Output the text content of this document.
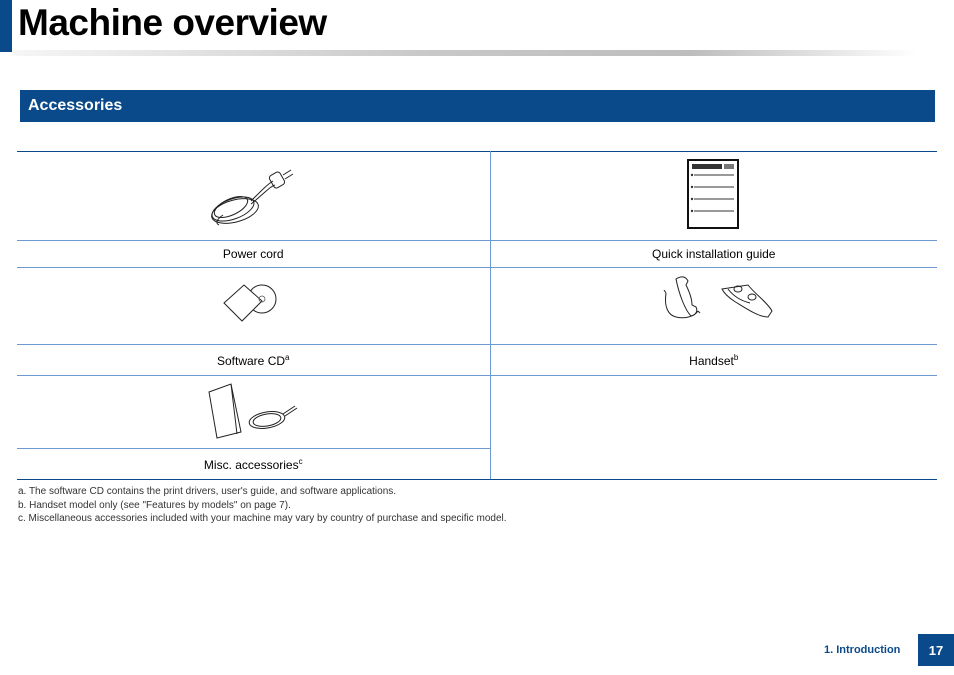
Machine overview
Accessories

Power cord	Quick installation guide

Software $CD^a$	Handset$^b$

Misc. accessories$^c$
a. The software CD contains the print drivers, user's guide, and software applications.
b. Handset model only (see "Features by models" on page 7).
c. Miscellaneous accessories included with your machine may vary by country of purchase and specific model.
1. Introduction	17
